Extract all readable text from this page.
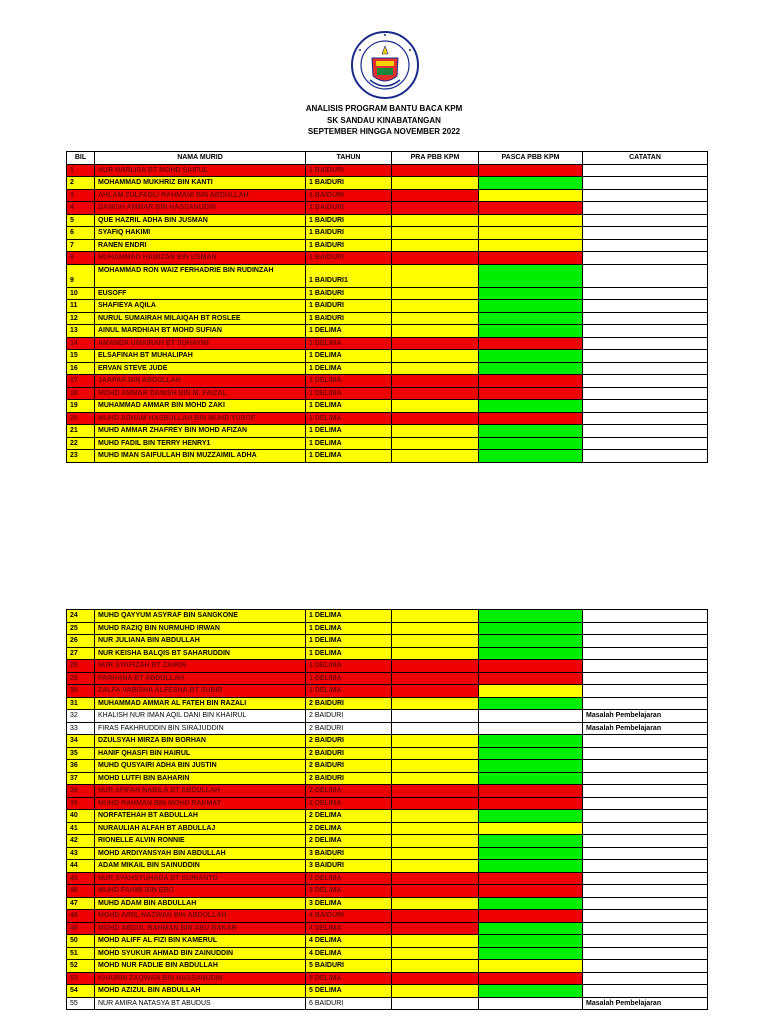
ANALISIS PROGRAM BANTU BACA KPM
SK SANDAU KINABATANGAN
SEPTEMBER HINGGA NOVEMBER 2022
BIL	NAMA MURID	TAHUN	PRA PBB KPM	PASCA PBB KPM	CATATAN
1	NUR HARLISA BT MOHD SAIFUL	1 BAIDURI			
2	MOHAMMAD MUKHRIZ BIN KANTI	1 BAIDURI			
3	AHLAM ZULFADLI RAHMANI BIN ABDULLAH	1 BAIDURI			
4	DANISH AMMAR BIN HASSANUDIN	1 BAIDURI			
5	QUE HAZRIL ADHA BIN JUSMAN	1 BAIDURI			
6	SYAFIQ HAKIMI	1 BAIDURI			
7	RANEN ENDRI	1 BAIDURI			
8	MUHAMMAD HAMIZAN BIN USMAN	1 BAIDURI			
9	MOHAMMAD RON WAIZ FERHADRIE BIN RUDINZAH	1 BAIDURI1			
10	EUSOFF	1 BAIDURI			
11	SHAFIEYA AQILA	1 BAIDURI			
12	NURUL SUMAIRAH MILAIQAH BT ROSLEE	1 BAIDURI			
13	AINUL MARDHIAH BT MOHD SUFIAN	1 DELIMA			
14	AMANDA UMAIRAH BT SUHAYMI	1 DELIMA			
15	ELSAFINAH BT MUHALIPAH	1 DELIMA			
16	ERVAN STEVE JUDE	1 DELIMA			
17	JAAPAR BIN ABDULLAH	1 DELIMA			
18	MOHD AMMAR DANISH BIN M. FAIZAL	1 DELIMA			
19	MUHAMMAD AMMAR BIN MOHD ZAKI	1 DELIMA			
20	MUHD ADHAM HASBULLAH BIN MUHD YUSOF	1 DELIMA			
21	MUHD AMMAR ZHAFREY BIN MOHD AFIZAN	1 DELIMA			
22	MUHD FADIL BIN TERRY HENRY1	1 DELIMA			
23	MUHD IMAN SAIFULLAH BIN MUZZAIMIL ADHA	1 DELIMA			
24	MUHD QAYYUM ASYRAF BIN SANGKONE	1 DELIMA			
25	MUHD RAZIQ BIN NURMUHD IRWAN	1 DELIMA			
26	NUR JULIANA BIN ABDULLAH	1 DELIMA			
27	NUR KEISHA BALQIS BT SAHARUDDIN	1 DELIMA			
28	NUR SYAFIZAH BT ZAIRIN	1 DELIMA			
29	PARHANA BT ABDULLAH	1 DELIMA			
30	ZALFA VARISHA ALFESHA BT SUBIR	1 DELIMA			
31	MUHAMMAD AMMAR AL FATEH BIN RAZALI	2 BAIDURI			
32	KHALISH NUR IMAN AQIL DANI BIN KHAIRUL	2 BAIDURI			Masalah Pembelajaran
33	FIRAS FAKHRUDDIN BIN SIRAJUDDIN	2 BAIDURI			Masalah Pembelajaran
34	DZULSYAH MIRZA BIN BORHAN	2 BAIDURI			
35	HANIF QHASFI BIN HAIRUL	2 BAIDURI			
36	MUHD QUSYAIRI ADHA BIN JUSTIN	2 BAIDURI			
37	MOHD LUTFI BIN BAHARIN	2 BAIDURI			
38	NUR AFIFAH NABILA BT ABDULLAH	2 DELIMA			
39	MUHD RAHMAN BIN MOHD RAKMAT	2 DELIMA			
40	NORFATEHAH BT ABDULLAH	2 DELIMA			
41	NURAULIAH ALFAH BT ABDULLAJ	2 DELIMA			
42	RIONELLE ALVIN RONNIE	2 DELIMA			
43	MOHD ARDIYANSYAH BIN ABDULLAH	3 BAIDURI			
44	ADAM MIKAIL BIN SAINUDDIN	3 BAIDURI			
45	NUR SYAHSYUHADA BT SURIANTO	3 DELIMA			
46	MUHD FAHMI BIN ERO	3 DELIMA			
47	MUHD ADAM BIN ABDULLAH	3 DELIMA			
48	MOHD AIRIL NAZWAN BIN ABDULLAH	4 BAIDURI			
49	MOHD ABDUL RAHMAN BIN ABU BAKAR	4 DELIMA			
50	MOHD ALIFF AL FIZI BIN KAMERUL	4 DELIMA			
51	MOHD SYUKUR AHMAD BIN ZAINUDDIN	4 DELIMA			
52	MOHD NUR FADLIE BIN ABDULLAH	5 BAIDURI			
53	KHAIRIN ZAQWAN BIN HASSANUDIN	5 DELIMA			
54	MOHD AZIZUL BIN ABDULLAH	5 DELIMA			
55	NUR AMIRA NATASYA BT ABUDUS	6 BAIDURI			Masalah Pembelajaran
